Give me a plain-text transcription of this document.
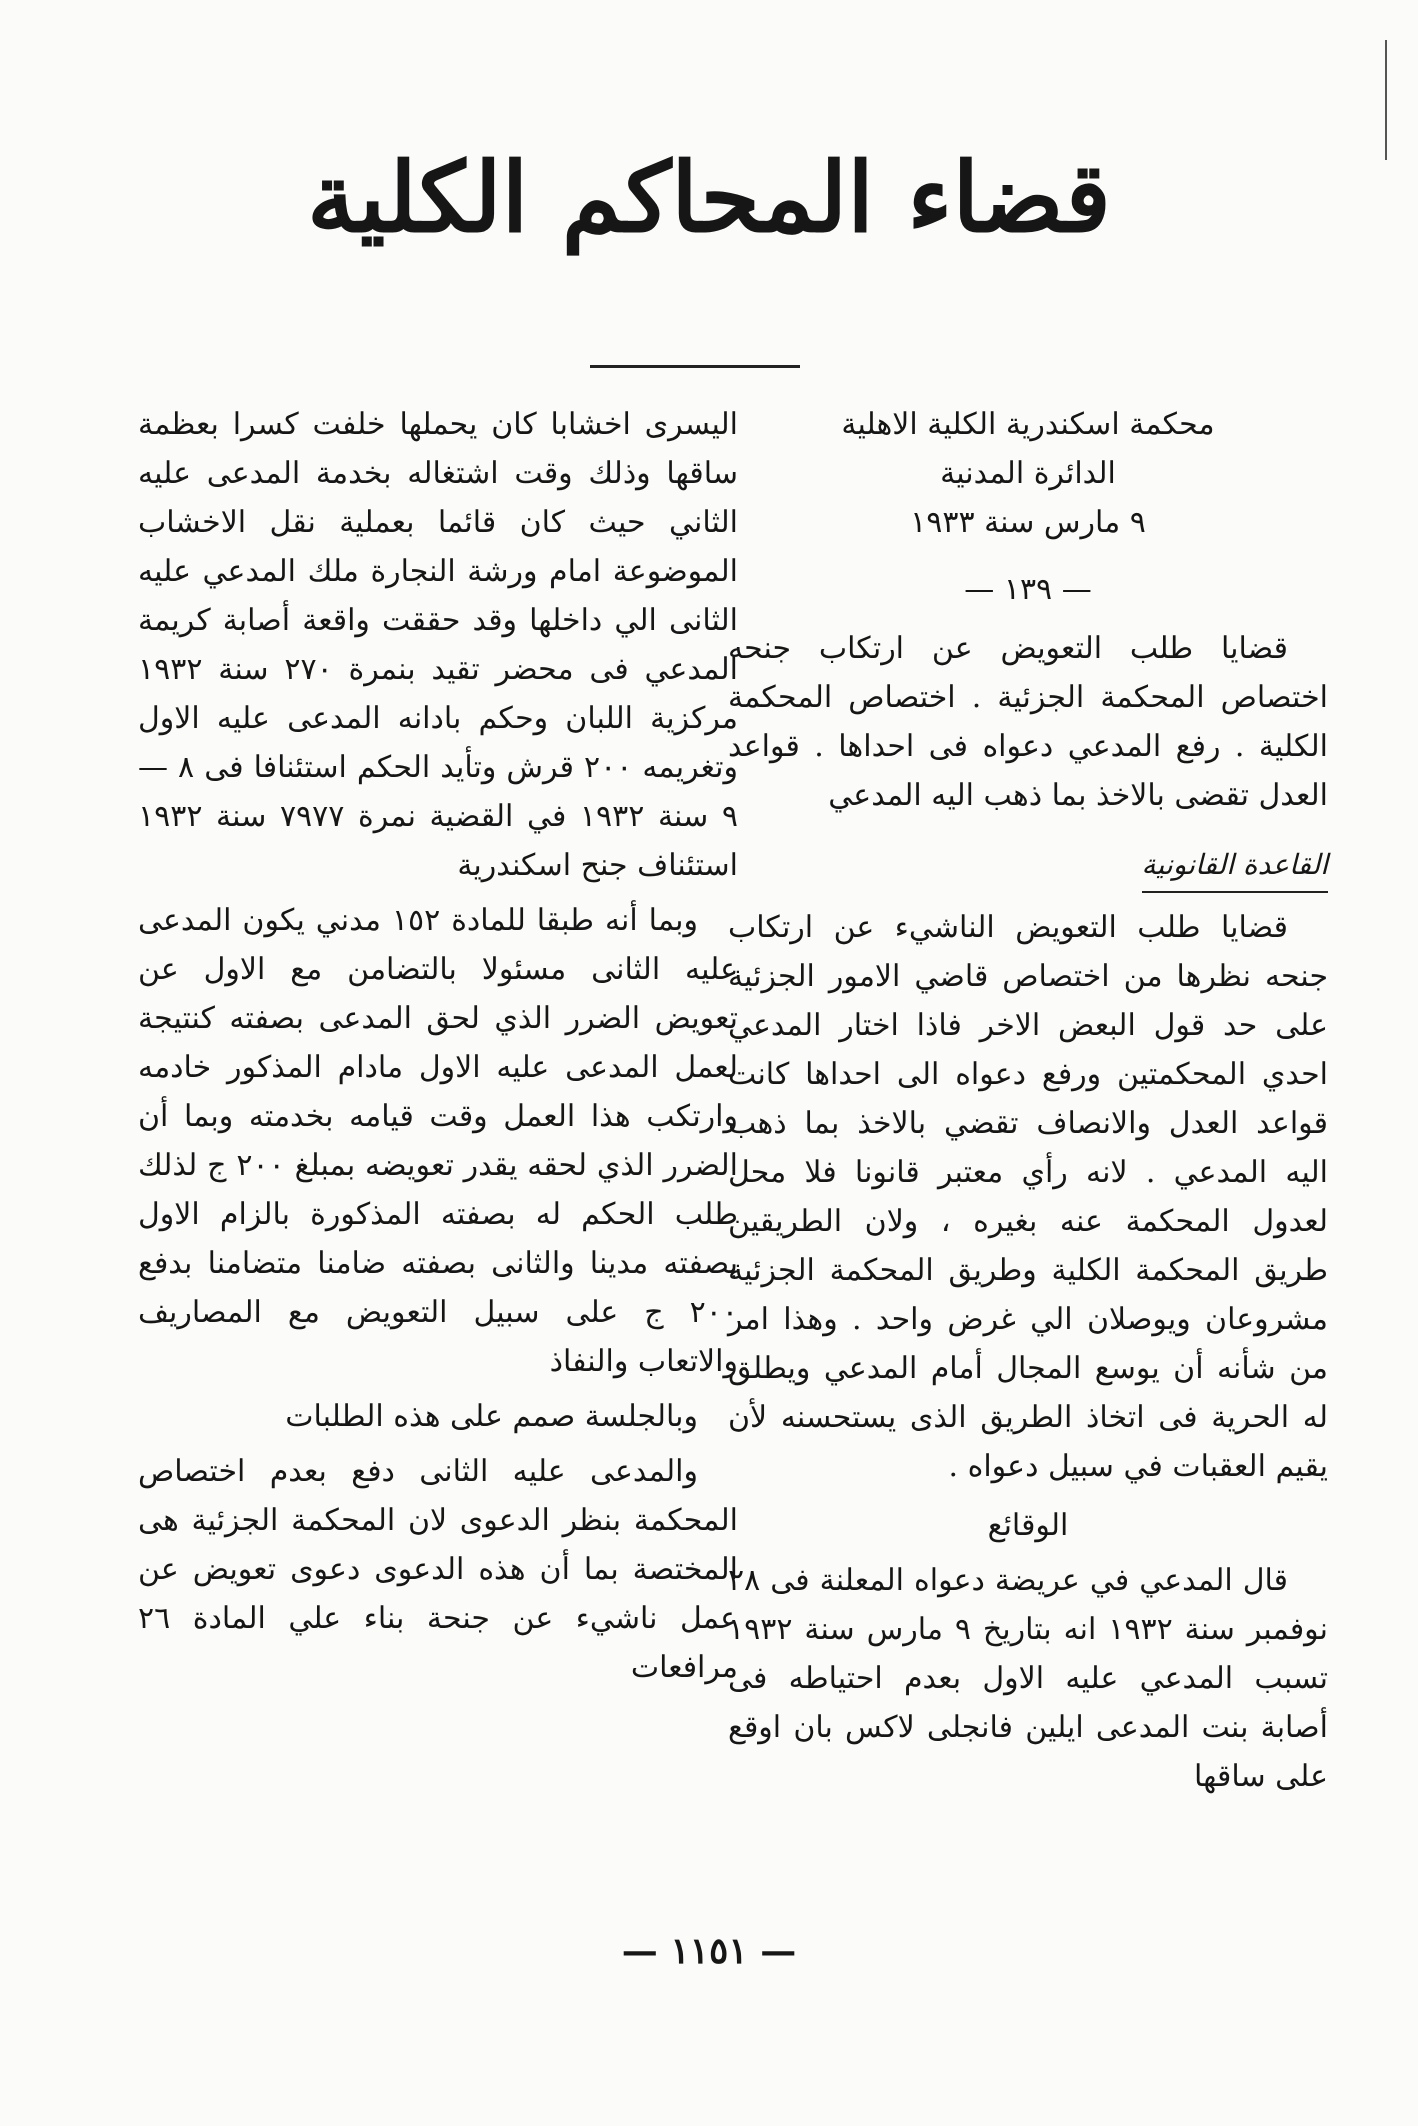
قضاء المحاكم الكلية

محكمة اسكندرية الكلية الاهلية

الدائرة المدنية

٩ مارس سنة ١٩٣٣

— ١٣٩ —

قضايا طلب التعويض عن ارتكاب جنحه اختصاص المحكمة الجزئية . اختصاص المحكمة الكلية . رفع المدعي دعواه فى احداها . قواعد العدل تقضى بالاخذ بما ذهب اليه المدعي

القاعدة القانونية

قضايا طلب التعويض الناشيء عن ارتكاب جنحه نظرها من اختصاص قاضي الامور الجزئية على حد قول البعض الاخر فاذا اختار المدعي احدي المحكمتين ورفع دعواه الى احداها كانت قواعد العدل والانصاف تقضي بالاخذ بما ذهب اليه المدعي . لانه رأي معتبر قانونا فلا محل لعدول المحكمة عنه بغيره ، ولان الطريقين طريق المحكمة الكلية وطريق المحكمة الجزئية مشروعان ويوصلان الي غرض واحد . وهذا امر من شأنه أن يوسع المجال أمام المدعي ويطلق له الحرية فى اتخاذ الطريق الذى يستحسنه لأن يقيم العقبات في سبيل دعواه .

الوقائع

قال المدعي في عريضة دعواه المعلنة فى ٢٨ نوفمبر سنة ١٩٣٢ انه بتاريخ ٩ مارس سنة ١٩٣٢ تسبب المدعي عليه الاول بعدم احتياطه فى أصابة بنت المدعى ايلين فانجلى لاكس بان اوقع على ساقها

اليسرى اخشابا كان يحملها خلفت كسرا بعظمة ساقها وذلك وقت اشتغاله بخدمة المدعى عليه الثاني حيث كان قائما بعملية نقل الاخشاب الموضوعة امام ورشة النجارة ملك المدعي عليه الثانى الي داخلها وقد حققت واقعة أصابة كريمة المدعي فى محضر تقيد بنمرة ٢٧٠ سنة ١٩٣٢ مركزية اللبان وحكم بادانه المدعى عليه الاول وتغريمه ٢٠٠ قرش وتأيد الحكم استئنافا فى ٨ — ٩ سنة ١٩٣٢ في القضية نمرة ٧٩٧٧ سنة ١٩٣٢ استئناف جنح اسكندرية

وبما أنه طبقا للمادة ١٥٢ مدني يكون المدعى عليه الثانى مسئولا بالتضامن مع الاول عن تعويض الضرر الذي لحق المدعى بصفته كنتيجة لعمل المدعى عليه الاول مادام المذكور خادمه وارتكب هذا العمل وقت قيامه بخدمته وبما أن الضرر الذي لحقه يقدر تعويضه بمبلغ ٢٠٠ ج لذلك طلب الحكم له بصفته المذكورة بالزام الاول بصفته مدينا والثانى بصفته ضامنا متضامنا بدفع ٢٠٠ ج على سبيل التعويض مع المصاريف والاتعاب والنفاذ

وبالجلسة صمم على هذه الطلبات

والمدعى عليه الثانى دفع بعدم اختصاص المحكمة بنظر الدعوى لان المحكمة الجزئية هى المختصة بما أن هذه الدعوى دعوى تعويض عن عمل ناشيء عن جنحة بناء علي المادة ٢٦ مرافعات

— ١١٥١ —
